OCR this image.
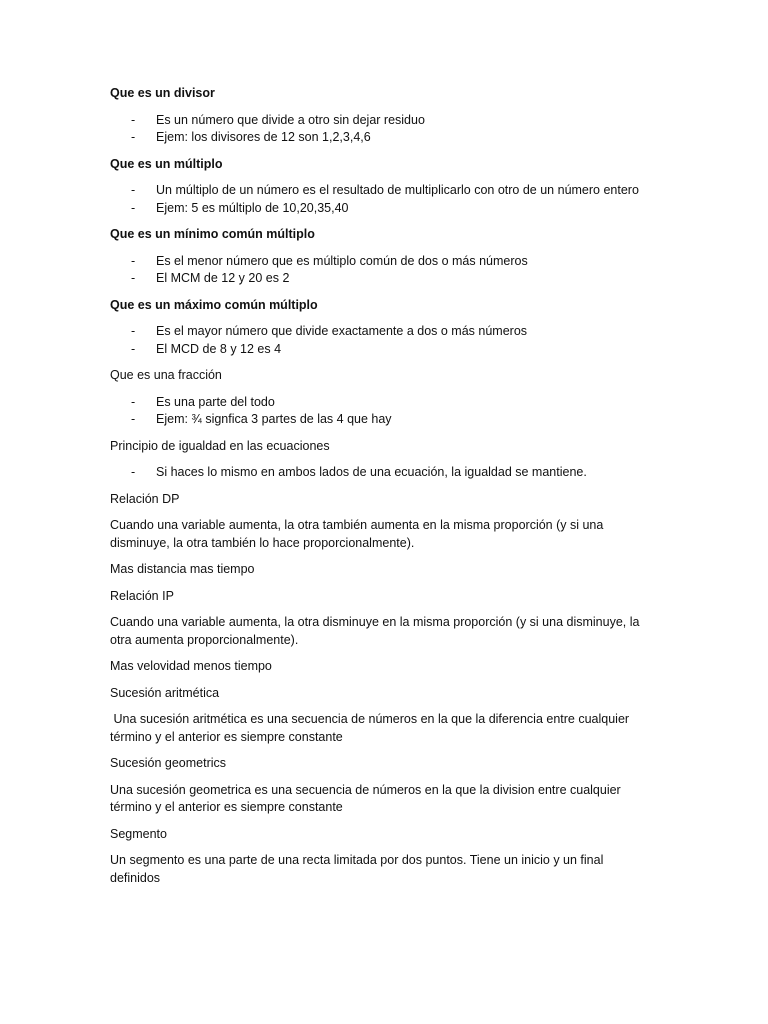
Que es un divisor
- Es un número que divide a otro sin dejar residuo
- Ejem: los divisores de 12 son 1,2,3,4,6
Que es un múltiplo
- Un múltiplo de un número es el resultado de multiplicarlo con otro de un número entero
- Ejem: 5 es múltiplo de 10,20,35,40
Que es un mínimo común múltiplo
- Es el menor número que es múltiplo común de dos o más números
- El MCM de 12 y 20 es 2
Que es un máximo común múltiplo
- Es el mayor número que divide exactamente a dos o más números
- El MCD de 8 y 12 es 4
Que es una fracción
- Es una parte del todo
- Ejem: ¾ signfica 3 partes de las 4 que hay
Principio de igualdad en las ecuaciones
- Si haces lo mismo en ambos lados de una ecuación, la igualdad se mantiene.

Relación DP

Cuando una variable aumenta, la otra también aumenta en la misma proporción (y si una disminuye, la otra también lo hace proporcionalmente).

Mas distancia mas tiempo

Relación IP

Cuando una variable aumenta, la otra disminuye en la misma proporción (y si una disminuye, la otra aumenta proporcionalmente).

Mas velovidad menos tiempo

Sucesión aritmética

Una sucesión aritmética es una secuencia de números en la que la diferencia entre cualquier término y el anterior es siempre constante

Sucesión geometrics

Una sucesión geometrica es una secuencia de números en la que la division entre cualquier término y el anterior es siempre constante

Segmento

Un segmento es una parte de una recta limitada por dos puntos. Tiene un inicio y un final definidos
